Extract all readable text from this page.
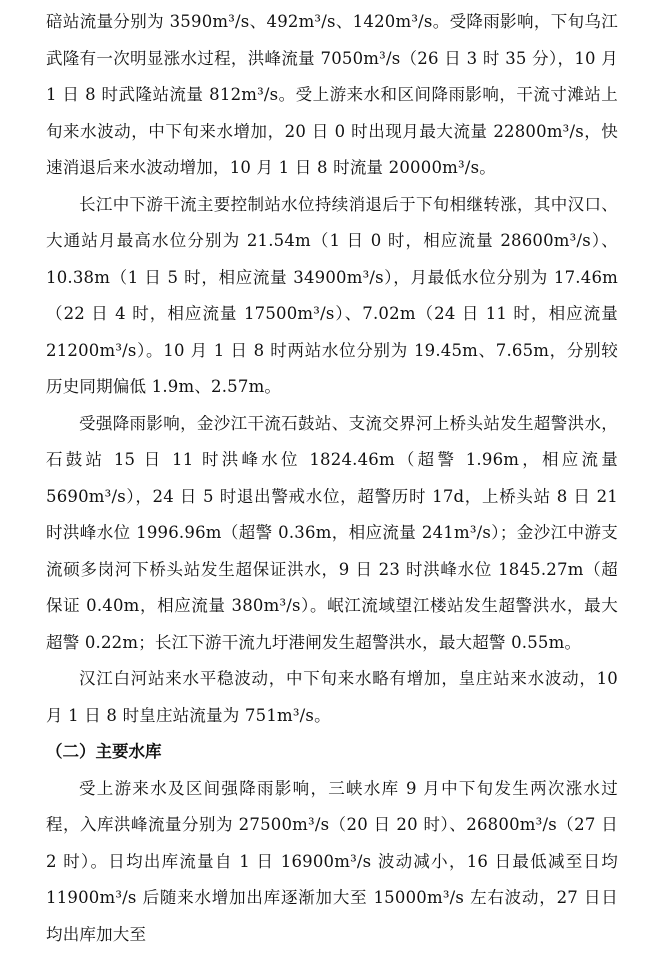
碚站流量分别为 3590m³/s、492m³/s、1420m³/s。受降雨影响，下旬乌江武隆有一次明显涨水过程，洪峰流量 7050m³/s（26 日 3 时 35 分），10 月 1 日 8 时武隆站流量 812m³/s。受上游来水和区间降雨影响，干流寸滩站上旬来水波动，中下旬来水增加，20 日 0 时出现月最大流量 22800m³/s，快速消退后来水波动增加，10 月 1 日 8 时流量 20000m³/s。

长江中下游干流主要控制站水位持续消退后于下旬相继转涨，其中汉口、大通站月最高水位分别为 21.54m（1 日 0 时，相应流量 28600m³/s）、10.38m（1 日 5 时，相应流量 34900m³/s），月最低水位分别为 17.46m（22 日 4 时，相应流量 17500m³/s）、7.02m（24 日 11 时，相应流量 21200m³/s）。10 月 1 日 8 时两站水位分别为 19.45m、7.65m，分别较历史同期偏低 1.9m、2.57m。

受强降雨影响，金沙江干流石鼓站、支流交界河上桥头站发生超警洪水，石鼓站 15 日 11 时洪峰水位 1824.46m（超警 1.96m，相应流量 5690m³/s），24 日 5 时退出警戒水位，超警历时 17d，上桥头站 8 日 21 时洪峰水位 1996.96m（超警 0.36m，相应流量 241m³/s）；金沙江中游支流硕多岗河下桥头站发生超保证洪水，9 日 23 时洪峰水位 1845.27m（超保证 0.40m，相应流量 380m³/s）。岷江流域望江楼站发生超警洪水，最大超警 0.22m；长江下游干流九圩港闸发生超警洪水，最大超警 0.55m。

汉江白河站来水平稳波动，中下旬来水略有增加，皇庄站来水波动，10 月 1 日 8 时皇庄站流量为 751m³/s。

（二）主要水库

受上游来水及区间强降雨影响，三峡水库 9 月中下旬发生两次涨水过程，入库洪峰流量分别为 27500m³/s（20 日 20 时）、26800m³/s（27 日 2 时）。日均出库流量自 1 日 16900m³/s 波动减小，16 日最低减至日均 11900m³/s 后随来水增加出库逐渐加大至 15000m³/s 左右波动，27 日日均出库加大至
